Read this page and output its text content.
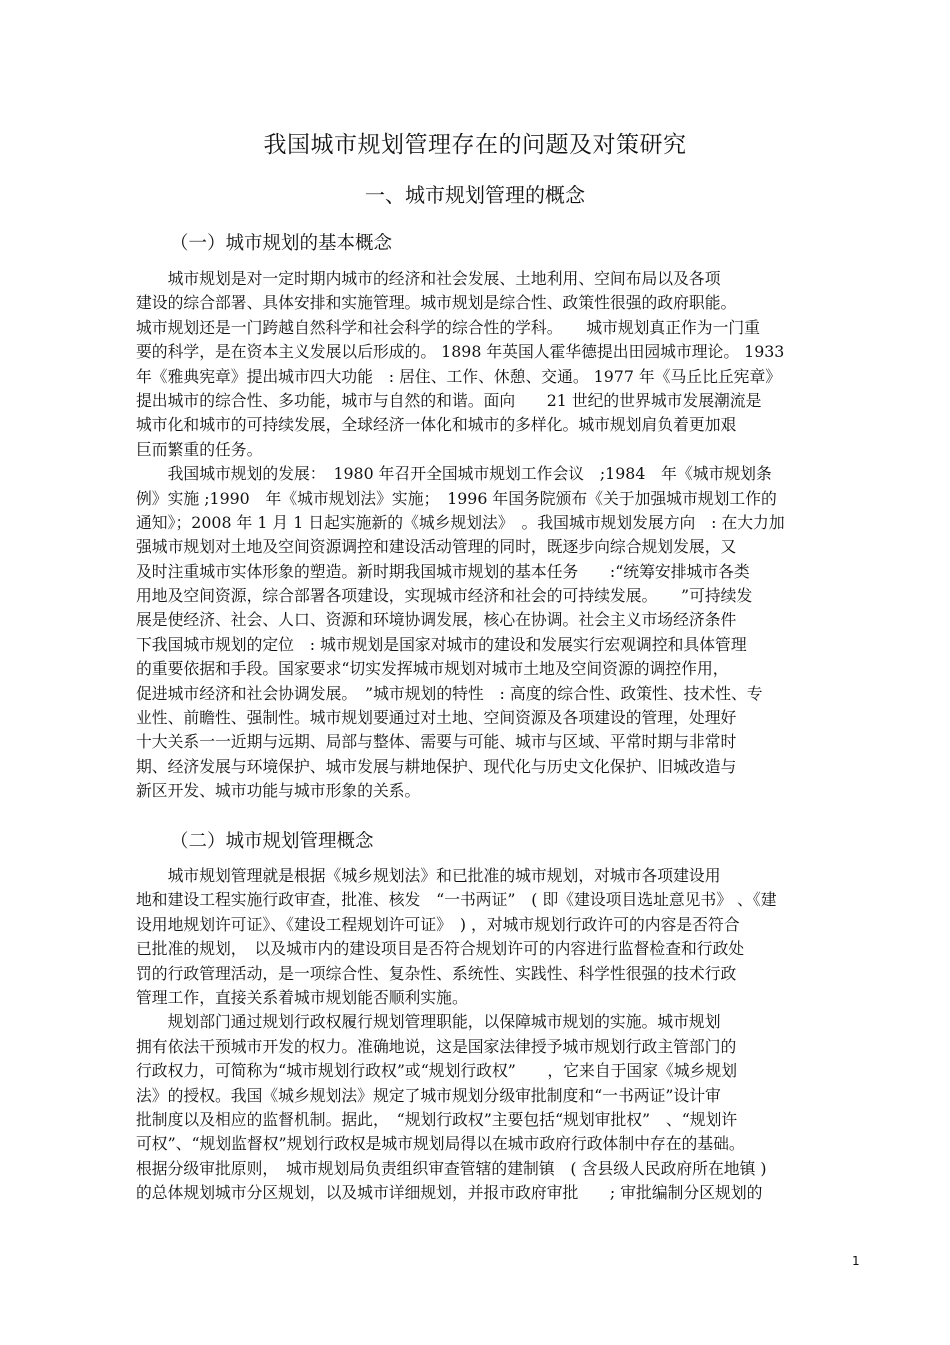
我国城市规划管理存在的问题及对策研究
一、城市规划管理的概念
（一）城市规划的基本概念
　　城市规划是对一定时期内城市的经济和社会发展、土地利用、空间布局以及各项
建设的综合部署、具体安排和实施管理。城市规划是综合性、政策性很强的政府职能。
城市规划还是一门跨越自然科学和社会科学的综合性的学科。　　城市规划真正作为一门重
要的科学，是在资本主义发展以后形成的。 1898 年英国人霍华德提出田园城市理论。 1933
年《雅典宪章》提出城市四大功能　: 居住、工作、休憩、交通。 1977 年《马丘比丘宪章》
提出城市的综合性、多功能，城市与自然的和谐。面向　　21 世纪的世界城市发展潮流是
城市化和城市的可持续发展，全球经济一体化和城市的多样化。城市规划肩负着更加艰
巨而繁重的任务。
　　我国城市规划的发展：　1980 年召开全国城市规划工作会议　;1984　年《城市规划条
例》实施 ;1990　年《城市规划法》实施；　1996 年国务院颁布《关于加强城市规划工作的
通知》；2008 年 1 月 1 日起实施新的《城乡规划法》　。我国城市规划发展方向　: 在大力加
强城市规划对土地及空间资源调控和建设活动管理的同时，既逐步向综合规划发展，又
及时注重城市实体形象的塑造。新时期我国城市规划的基本任务　　:“统筹安排城市各类
用地及空间资源，综合部署各项建设，实现城市经济和社会的可持续发展。　　”可持续发
展是使经济、社会、人口、资源和环境协调发展，核心在协调。社会主义市场经济条件
下我国城市规划的定位　: 城市规划是国家对城市的建设和发展实行宏观调控和具体管理
的重要依据和手段。国家要求“切实发挥城市规划对城市土地及空间资源的调控作用，
促进城市经济和社会协调发展。　”城市规划的特性　: 高度的综合性、政策性、技术性、专
业性、前瞻性、强制性。城市规划要通过对土地、空间资源及各项建设的管理，处理好
十大关系一一近期与远期、局部与整体、需要与可能、城市与区域、平常时期与非常时
期、经济发展与环境保护、城市发展与耕地保护、现代化与历史文化保护、旧城改造与
新区开发、城市功能与城市形象的关系。
（二）城市规划管理概念
　　城市规划管理就是根据《城乡规划法》和已批准的城市规划，对城市各项建设用
地和建设工程实施行政审查，批准、核发　“一书两证”　( 即《建设项目选址意见书》 、《建
设用地规划许可证》、《建设工程规划许可证》　) ，对城市规划行政许可的内容是否符合
已批准的规划，　以及城市内的建设项目是否符合规划许可的内容进行监督检查和行政处
罚的行政管理活动，是一项综合性、复杂性、系统性、实践性、科学性很强的技术行政
管理工作，直接关系着城市规划能否顺利实施。
　　规划部门通过规划行政权履行规划管理职能，以保障城市规划的实施。城市规划
拥有依法干预城市开发的权力。准确地说，这是国家法律授予城市规划行政主管部门的
行政权力，可简称为“城市规划行政权”或“规划行政权”　　，它来自于国家《城乡规划
法》的授权。我国《城乡规划法》规定了城市规划分级审批制度和“一书两证”设计审
批制度以及相应的监督机制。据此，　“规划行政权”主要包括“规划审批权”　、“规划许
可权”、“规划监督权”规划行政权是城市规划局得以在城市政府行政体制中存在的基础。
根据分级审批原则，　城市规划局负责组织审查管辖的建制镇　( 含县级人民政府所在地镇 )
的总体规划城市分区规划，以及城市详细规划，并报市政府审批　　; 审批编制分区规划的
1
